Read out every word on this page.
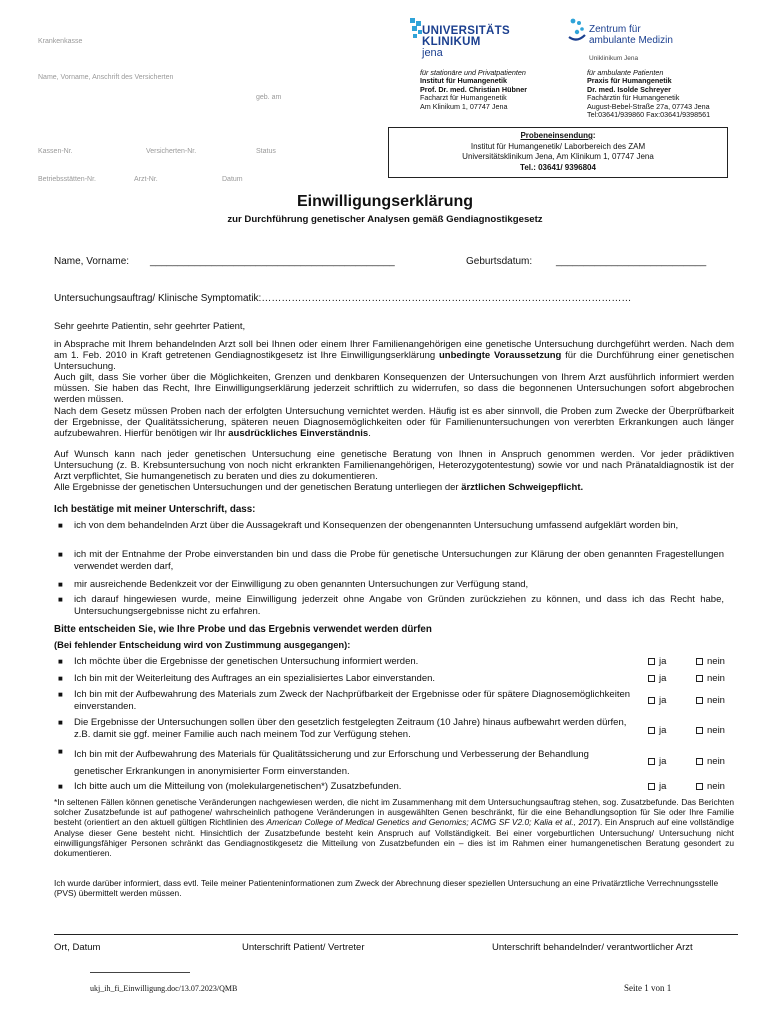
Krankenkasse
Name, Vorname, Anschrift des Versicherten
geb. am
Kassen-Nr.	Versicherten-Nr.	Status
Betriebsstätten-Nr.	Arzt-Nr.	Datum
UNIVERSITÄTS
KLINIKUM
jena
für stationäre und Privatpatienten
Institut für Humangenetik
Prof. Dr. med. Christian Hübner
Facharzt für Humangenetik
Am Klinikum 1, 07747 Jena
Zentrum für
ambulante Medizin
Uniklinikum Jena
für ambulante Patienten
Praxis für Humangenetik
Dr. med. Isolde Schreyer
Fachärztin für Humangenetik
August-Bebel-Straße 27a, 07743 Jena
Tel:03641/939860 Fax:03641/9398561
Probeneinsendung:
Institut für Humangenetik/ Laborbereich des ZAM
Universitätsklinikum Jena, Am Klinikum 1, 07747 Jena
Tel.: 03641/ 9396804
Einwilligungserklärung
zur Durchführung genetischer Analysen gemäß Gendiagnostikgesetz
Name, Vorname: ____________________________________________	Geburtsdatum: ___________________________
Untersuchungsauftrag/ Klinische Symptomatik:…………………………………………………………………………………………………
Sehr geehrte Patientin, sehr geehrter Patient,
in Absprache mit Ihrem behandelnden Arzt soll bei Ihnen oder einem Ihrer Familienangehörigen eine genetische Untersuchung durchgeführt werden. Nach dem am 1. Feb. 2010 in Kraft getretenen Gendiagnostikgesetz ist Ihre Einwilligungserklärung unbedingte Voraussetzung für die Durchführung einer genetischen Untersuchung.
Auch gilt, dass Sie vorher über die Möglichkeiten, Grenzen und denkbaren Konsequenzen der Untersuchungen von Ihrem Arzt ausführlich informiert werden müssen. Sie haben das Recht, Ihre Einwilligungserklärung jederzeit schriftlich zu widerrufen, so dass die begonnenen Untersuchungen sofort abgebrochen werden müssen.
Nach dem Gesetz müssen Proben nach der erfolgten Untersuchung vernichtet werden. Häufig ist es aber sinnvoll, die Proben zum Zwecke der Überprüfbarkeit der Ergebnisse, der Qualitätssicherung, späteren neuen Diagnosemöglichkeiten oder für Familienuntersuchungen von vererbten Erkrankungen auch länger aufzubewahren. Hierfür benötigen wir Ihr ausdrückliches Einverständnis.
Auf Wunsch kann nach jeder genetischen Untersuchung eine genetische Beratung von Ihnen in Anspruch genommen werden. Vor jeder prädiktiven Untersuchung (z. B. Krebsuntersuchung von noch nicht erkrankten Familienangehörigen, Heterozygotentestung) sowie vor und nach Pränataldiagnostik ist der Arzt verpflichtet, Sie humangenetisch zu beraten und dies zu dokumentieren.
Alle Ergebnisse der genetischen Untersuchungen und der genetischen Beratung unterliegen der ärztlichen Schweigepflicht.
Ich bestätige mit meiner Unterschrift, dass:
■ ich von dem behandelnden Arzt über die Aussagekraft und Konsequenzen der obengenannten Untersuchung umfassend aufgeklärt worden bin,
■ ich mit der Entnahme der Probe einverstanden bin und dass die Probe für genetische Untersuchungen zur Klärung der oben genannten Fragestellungen verwendet werden darf,
■ mir ausreichende Bedenkzeit vor der Einwilligung zu oben genannten Untersuchungen zur Verfügung stand,
■ ich darauf hingewiesen wurde, meine Einwilligung jederzeit ohne Angabe von Gründen zurückziehen zu können, und dass ich das Recht habe, Untersuchungsergebnisse nicht zu erfahren.
Bitte entscheiden Sie, wie Ihre Probe und das Ergebnis verwendet werden dürfen
(Bei fehlender Entscheidung wird von Zustimmung ausgegangen):
■ Ich möchte über die Ergebnisse der genetischen Untersuchung informiert werden.	ja	nein
■ Ich bin mit der Weiterleitung des Auftrages an ein spezialisiertes Labor einverstanden.	ja	nein
■ Ich bin mit der Aufbewahrung des Materials zum Zweck der Nachprüfbarkeit der Ergebnisse oder für spätere Diagnosemöglichkeiten einverstanden.	ja	nein
■ Die Ergebnisse der Untersuchungen sollen über den gesetzlich festgelegten Zeitraum (10 Jahre) hinaus aufbewahrt werden dürfen, z.B. damit sie ggf. meiner Familie auch nach meinem Tod zur Verfügung stehen.	ja	nein
■ Ich bin mit der Aufbewahrung des Materials für Qualitätssicherung und zur Erforschung und Verbesserung der Behandlung genetischer Erkrankungen in anonymisierter Form einverstanden.
ja	nein
■ Ich bitte auch um die Mitteilung von (molekulargenetischen*) Zusatzbefunden.	ja	nein
*In seltenen Fällen können genetische Veränderungen nachgewiesen werden, die nicht im Zusammenhang mit dem Untersuchungsauftrag stehen, sog. Zusatzbefunde. Das Berichten solcher Zusatzbefunde ist auf pathogene/ wahrscheinlich pathogene Veränderungen in ausgewählten Genen beschränkt, für die eine Behandlungsoption für Sie oder Ihre Familie besteht (orientiert an den aktuell gültigen Richtlinien des American College of Medical Genetics and Genomics; ACMG SF V2.0; Kalia et al., 2017). Ein Anspruch auf eine vollständige Analyse dieser Gene besteht nicht. Hinsichtlich der Zusatzbefunde besteht kein Anspruch auf Vollständigkeit. Bei einer vorgeburtlichen Untersuchung/ Untersuchung nicht einwilligungsfähiger Personen schränkt das Gendiagnostikgesetz die Mitteilung von Zusatzbefunden ein – dies ist im Rahmen einer humangenetischen Beratung gesondert zu dokumentieren.
Ich wurde darüber informiert, dass evtl. Teile meiner Patienteninformationen zum Zweck der Abrechnung dieser speziellen Untersuchung an eine Privatärztliche Verrechnungsstelle (PVS) übermittelt werden müssen.
Ort, Datum	Unterschrift Patient/ Vertreter	Unterschrift behandelnder/ verantwortlicher Arzt
ukj_ih_fi_Einwilligung.doc/13.07.2023/QMB	Seite 1 von 1
